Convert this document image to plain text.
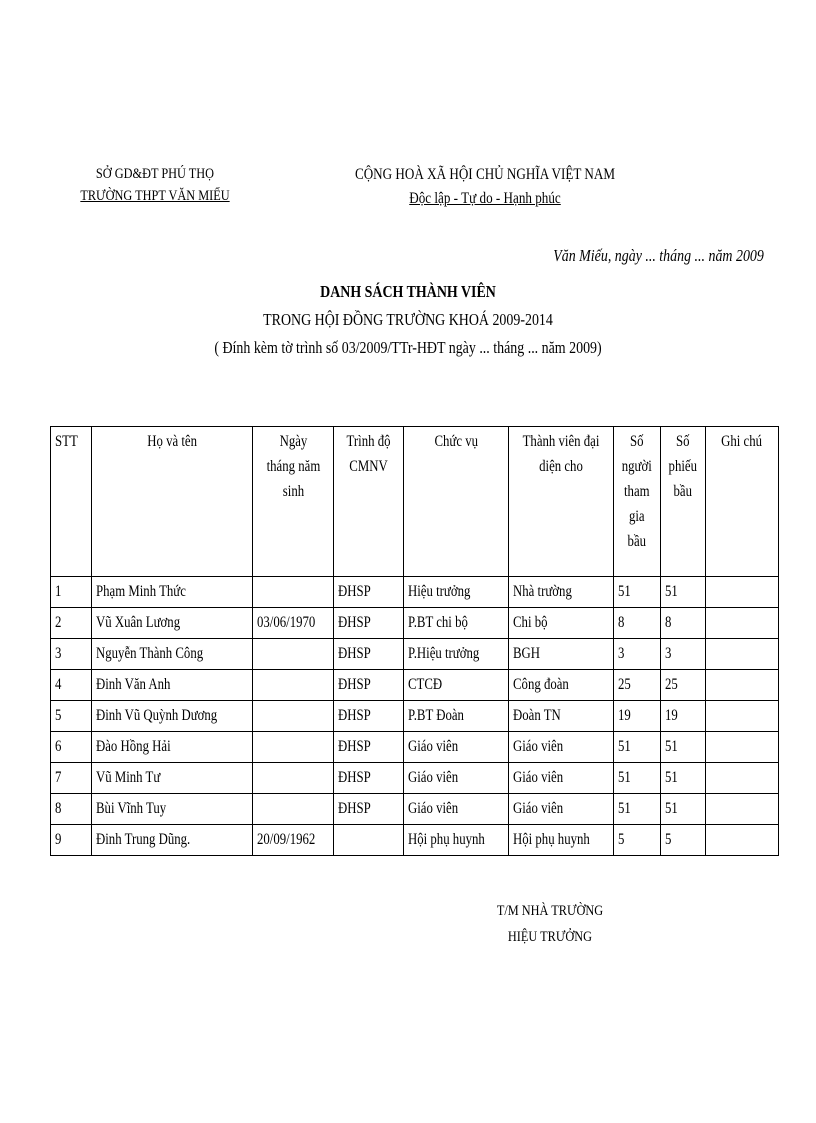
SỞ GD&ĐT PHÚ THỌ
TRƯỜNG THPT VĂN MIẾU
CỘNG HOÀ XÃ HỘI CHỦ NGHĨA VIỆT NAM
Độc lập - Tự do - Hạnh phúc
Văn Miếu, ngày ... tháng ... năm 2009
DANH SÁCH THÀNH VIÊN
TRONG HỘI ĐỒNG TRƯỜNG KHOÁ 2009-2014
( Đính kèm tờ trình số 03/2009/TTr-HĐT ngày ... tháng ... năm 2009)
STT	Họ và tên	Ngày tháng năm sinh	Trình độ CMNV	Chức vụ	Thành viên đại diện cho	Số người tham gia bầu	Số phiếu bầu	Ghi chú
1	Phạm Minh Thức		ĐHSP	Hiệu trưởng	Nhà trường	51	51	
2	Vũ Xuân Lương	03/06/1970	ĐHSP	P.BT chi bộ	Chi bộ	8	8	
3	Nguyễn Thành Công		ĐHSP	P.Hiệu trưởng	BGH	3	3	
4	Đinh Văn Anh		ĐHSP	CTCĐ	Công đoàn	25	25	
5	Đinh Vũ Quỳnh Dương		ĐHSP	P.BT Đoàn	Đoàn TN	19	19	
6	Đào Hồng Hải		ĐHSP	Giáo viên	Giáo viên	51	51	
7	Vũ Minh Tư		ĐHSP	Giáo viên	Giáo viên	51	51	
8	Bùi Vĩnh Tuy		ĐHSP	Giáo viên	Giáo viên	51	51	
9	Đinh Trung Dũng.	20/09/1962		Hội phụ huynh	Hội phụ huynh	5	5	
T/M NHÀ TRƯỜNG
HIỆU TRƯỞNG
